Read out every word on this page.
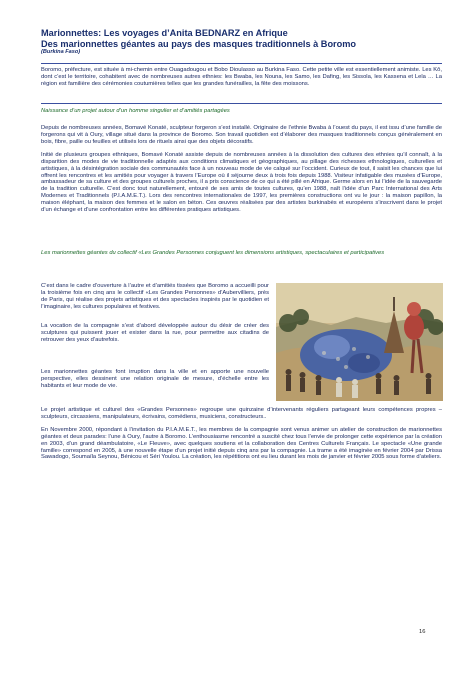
Marionnettes: Les voyages d’Anita BEDNARZ en Afrique

Des marionnettes géantes au pays des masques traditionnels à Boromo

(Burkina Faso)

Boromo, préfecture, est située à mi-chemin entre Ouagadougou et Bobo Dioulasso au Burkina Faso. Cette petite ville est essentiellement animiste. Les Kô, dont c’est le territoire, cohabitent avec de nombreuses autres ethnies: les Bwaba, les Nouna, les Samo, les Dafing, les Sissola, les Kassena et Lela … La région est familière des cérémonies coutumières telles que les grandes funérailles, la fête des moissons.

Naissance d’un projet autour d’un homme singulier et d’amitiés partagées

Depuis de nombreuses années, Bomavé Konaté, sculpteur forgeron s’est installé. Originaire de l’ethnie Bwaba à l’ouest du pays, il est issu d’une famille de forgerons qui vit à Oury, village situé dans la province de Boromo. Son travail quotidien est d’élaborer des masques traditionnels conçus généralement en bois, fibre, paille ou feuilles et utilisés lors de rituels ainsi que des objets décoratifs.

Initié de plusieurs groupes ethniques, Bomavé Konaté assiste depuis de nombreuses années à la dissolution des cultures des ethnies qu’il connaît, à la disparition des modes de vie traditionnelle adaptés aux conditions climatiques et géographiques, au pillage des richesses ethnologiques, culturelles et artistiques, à la désintégration sociale des communautés face à un nouveau mode de vie calqué sur l’occident. Curieux de tout, il saisit les chances que lui offrent les rencontres et les amitiés pour voyager à travers l’Europe où il séjourne deux à trois fois depuis 1988. Visiteur infatigable des musées d’Europe, ambassadeur de sa culture et des groupes culturels proches, il a pris conscience de ce qui a été pillé en Afrique. Germe alors en lui l’idée de la sauvegarde de la tradition culturelle. C’est donc tout naturellement, entouré de ses amis de toutes cultures, qu’en 1988, naît l’idée d’un Parc International des Arts Modernes et Traditionnels (P.I.A.M.E.T.). Lors des rencontres internationales de 1997, les premières constructions ont vu le jour : la maison papillon, la maison éléphant, la maison des femmes et le salon en béton. Ces œuvres réalisées par des artistes burkinabès et européens s’inscrivent dans le projet d’un échange et d’une confrontation entre les différentes pratiques artistiques.

Les marionnettes géantes du collectif «Les Grandes Personnes conjuguent les dimensions artistiques, spectaculaires et participatives

C’est dans le cadre d’ouverture à l’autre et d’amitiés tissées que Boromo a accueilli pour la troisième fois en cinq ans le collectif «Les Grandes Personnes» d’Aubervilliers, près de Paris, qui réalise des projets artistiques et des spectacles inspirés par le quotidien et l’imaginaire, les cultures populaires et festives.

La vocation de la compagnie s’est d’abord développée autour du désir de créer des sculptures qui puissent jouer et exister dans la rue, pour permettre aux citadins de retrouver des yeux d’autrefois.

Les marionnettes géantes font irruption dans la ville et en apporte une nouvelle perspective, elles dessinent une relation originale de mesure, d’échelle entre les habitants et leur mode de vie.

Le projet artistique et culturel des «Grandes Personnes» regroupe une quinzaine d’intervenants réguliers partageant leurs compétences propres – sculpteurs, circassiens, manipulateurs, écrivains, comédiens, musiciens, constructeurs..

En Novembre 2000, répondant à l’invitation du P.I.A.M.E.T., les membres de la compagnie sont venus animer un atelier de construction de marionnettes géantes et deux parades: l’une à Oury, l’autre à Boromo. L’enthousiasme rencontré a suscité chez tous l’envie de prolonger cette expérience par la création en 2003, d’un grand déambulatoire, «Le Fleuve», avec quelques soutiens et la collaboration des Centres Culturels Français. Le spectacle «Une grande famille» correspond en 2005, à une nouvelle étape d’un projet initié depuis cinq ans par la compagnie. La trame a été imaginée en février 2004 par Drissa Sawadogo, Soumaïla Seynou, Bénicou et Séri Youlou. La création, les répétitions ont eu lieu durant les mois de janvier et février 2005 sous forme d’ateliers.

16
